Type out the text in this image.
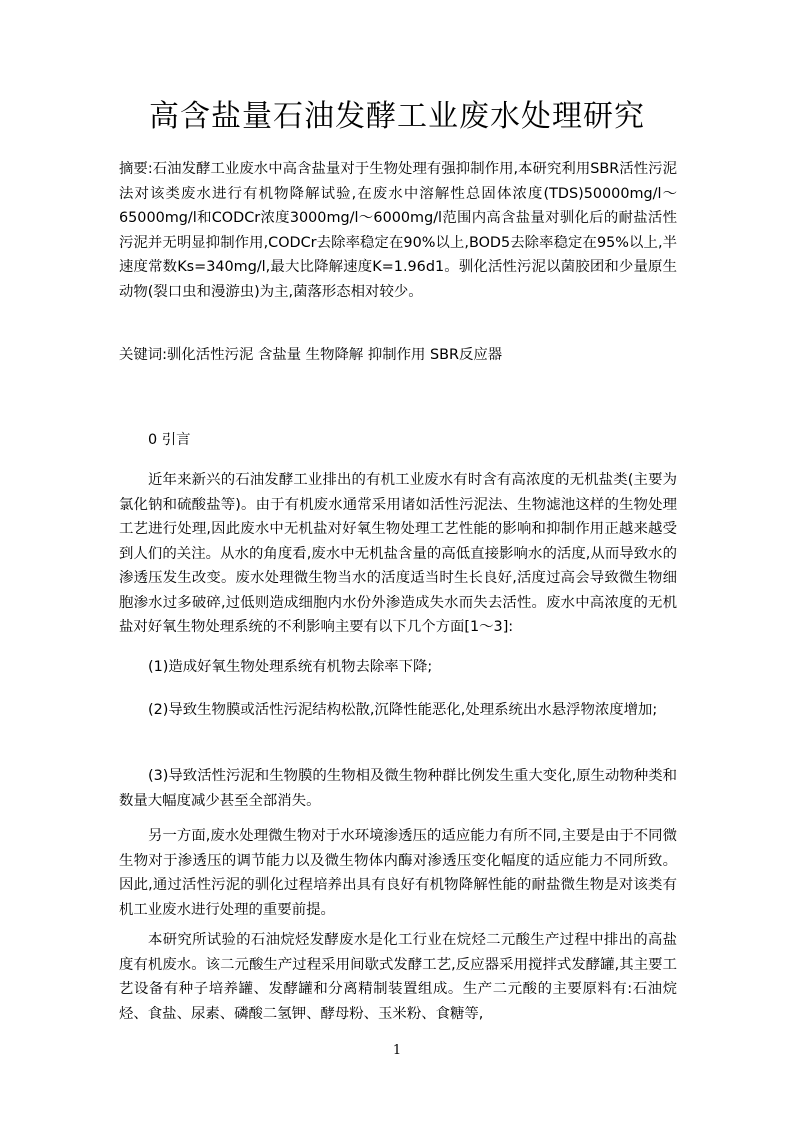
高含盐量石油发酵工业废水处理研究
摘要:石油发酵工业废水中高含盐量对于生物处理有强抑制作用,本研究利用SBR活性污泥法对该类废水进行有机物降解试验,在废水中溶解性总固体浓度(TDS)50000mg/l～65000mg/l和CODCr浓度3000mg/l～6000mg/l范围内高含盐量对驯化后的耐盐活性污泥并无明显抑制作用,CODCr去除率稳定在90%以上,BOD5去除率稳定在95%以上,半速度常数Ks=340mg/l,最大比降解速度K=1.96d1。驯化活性污泥以菌胶团和少量原生动物(裂口虫和漫游虫)为主,菌落形态相对较少。
关键词:驯化活性污泥 含盐量 生物降解 抑制作用 SBR反应器
0 引言
近年来新兴的石油发酵工业排出的有机工业废水有时含有高浓度的无机盐类(主要为氯化钠和硫酸盐等)。由于有机废水通常采用诸如活性污泥法、生物滤池这样的生物处理工艺进行处理,因此废水中无机盐对好氧生物处理工艺性能的影响和抑制作用正越来越受到人们的关注。从水的角度看,废水中无机盐含量的高低直接影响水的活度,从而导致水的渗透压发生改变。废水处理微生物当水的活度适当时生长良好,活度过高会导致微生物细胞渗水过多破碎,过低则造成细胞内水份外渗造成失水而失去活性。废水中高浓度的无机盐对好氧生物处理系统的不利影响主要有以下几个方面[1～3]:
(1)造成好氧生物处理系统有机物去除率下降;
(2)导致生物膜或活性污泥结构松散,沉降性能恶化,处理系统出水悬浮物浓度增加;
(3)导致活性污泥和生物膜的生物相及微生物种群比例发生重大变化,原生动物种类和数量大幅度减少甚至全部消失。
另一方面,废水处理微生物对于水环境渗透压的适应能力有所不同,主要是由于不同微生物对于渗透压的调节能力以及微生物体内酶对渗透压变化幅度的适应能力不同所致。因此,通过活性污泥的驯化过程培养出具有良好有机物降解性能的耐盐微生物是对该类有机工业废水进行处理的重要前提。
本研究所试验的石油烷烃发酵废水是化工行业在烷烃二元酸生产过程中排出的高盐度有机废水。该二元酸生产过程采用间歇式发酵工艺,反应器采用搅拌式发酵罐,其主要工艺设备有种子培养罐、发酵罐和分离精制装置组成。生产二元酸的主要原料有:石油烷烃、食盐、尿素、磷酸二氢钾、酵母粉、玉米粉、食糖等,
1
